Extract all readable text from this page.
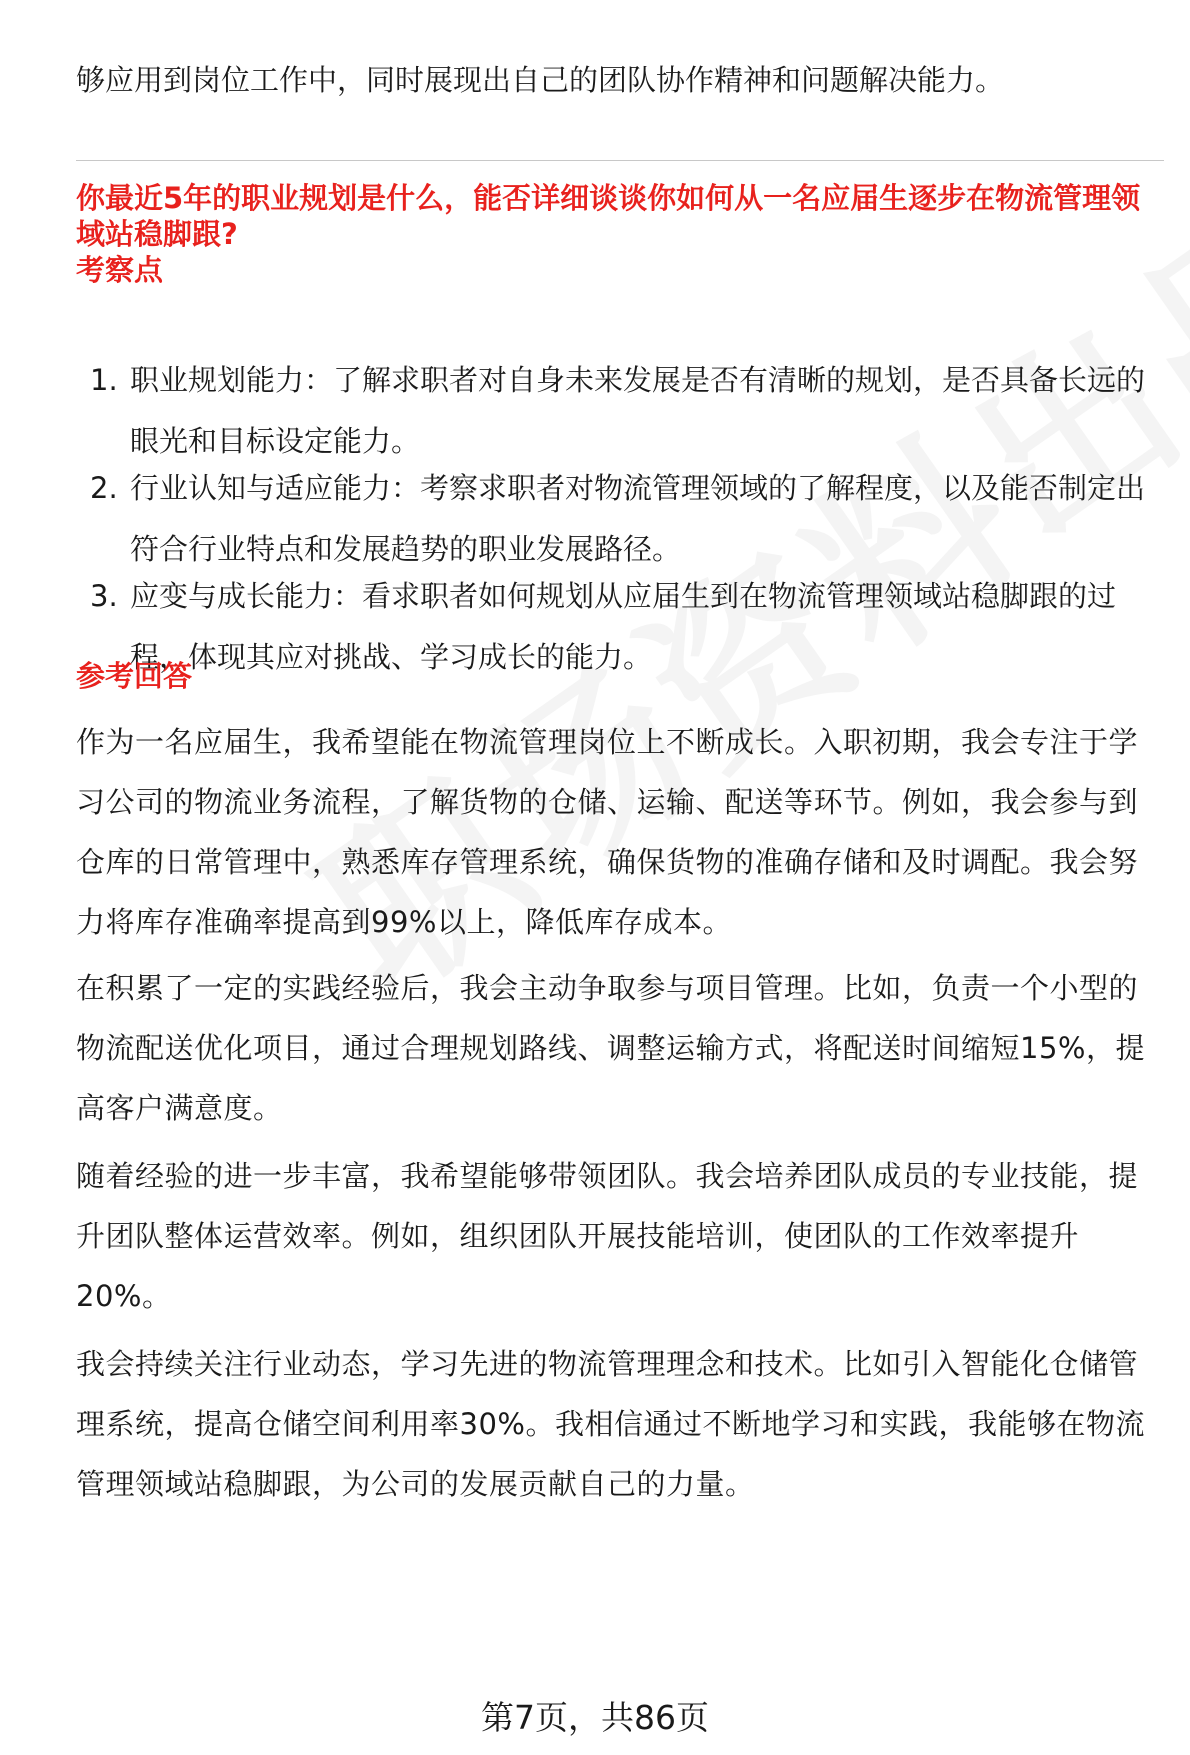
够应用到岗位工作中，同时展现出自己的团队协作精神和问题解决能力。

你最近5年的职业规划是什么，能否详细谈谈你如何从一名应届生逐步在物流管理领域站稳脚跟?

考察点
1. 职业规划能力：了解求职者对自身未来发展是否有清晰的规划，是否具备长远的眼光和目标设定能力。
2. 行业认知与适应能力：考察求职者对物流管理领域的了解程度，以及能否制定出符合行业特点和发展趋势的职业发展路径。
3. 应变与成长能力：看求职者如何规划从应届生到在物流管理领域站稳脚跟的过程，体现其应对挑战、学习成长的能力。
参考回答

作为一名应届生，我希望能在物流管理岗位上不断成长。入职初期，我会专注于学习公司的物流业务流程，了解货物的仓储、运输、配送等环节。例如，我会参与到仓库的日常管理中，熟悉库存管理系统，确保货物的准确存储和及时调配。我会努力将库存准确率提高到99%以上，降低库存成本。

在积累了一定的实践经验后，我会主动争取参与项目管理。比如，负责一个小型的物流配送优化项目，通过合理规划路线、调整运输方式，将配送时间缩短15%，提高客户满意度。

随着经验的进一步丰富，我希望能够带领团队。我会培养团队成员的专业技能，提升团队整体运营效率。例如，组织团队开展技能培训，使团队的工作效率提升20%。

我会持续关注行业动态，学习先进的物流管理理念和技术。比如引入智能化仓储管理系统，提高仓储空间利用率30%。我相信通过不断地学习和实践，我能够在物流管理领域站稳脚跟，为公司的发展贡献自己的力量。

第7页，共86页
